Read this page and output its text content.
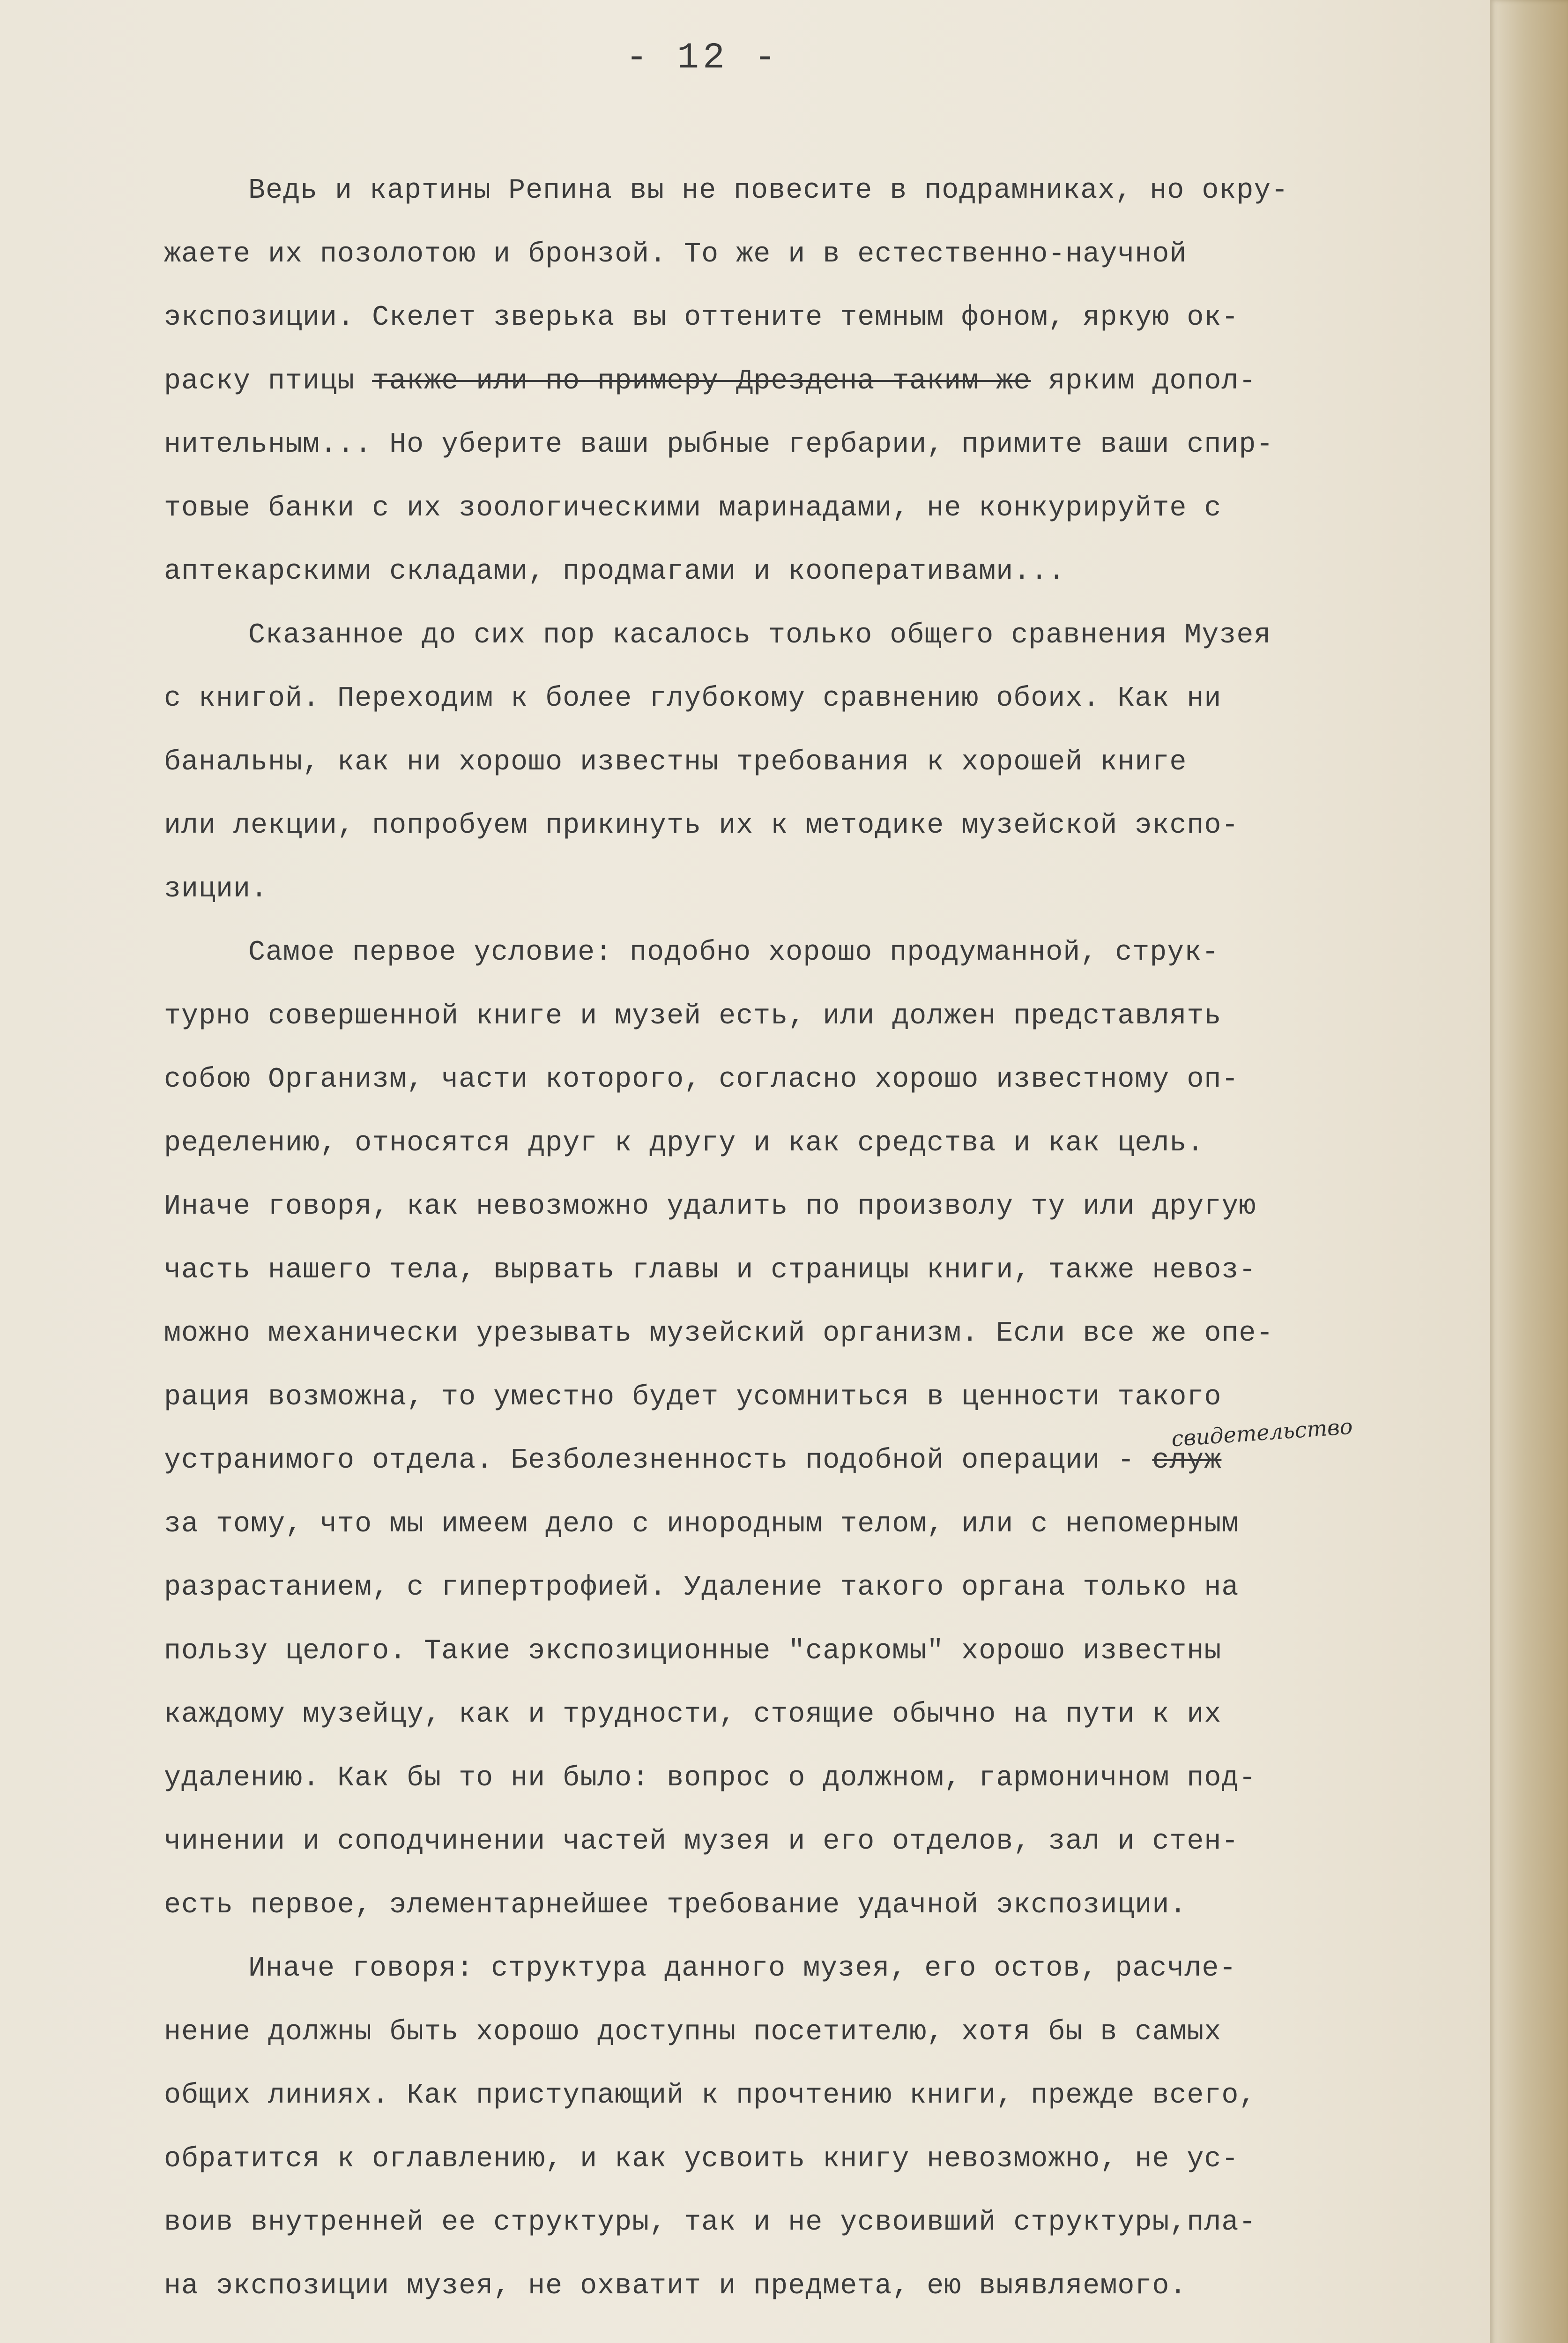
- 12 -
свидетельство
Ведь и картины Репина вы не повесите в подрамниках, но окру-
жаете их позолотою и бронзой. То же и в естественно-научной
экспозиции. Скелет зверька вы оттените темным фоном, яркую ок-
раску птицы также или по примеру Дрездена таким же ярким допол-
нительным... Но уберите ваши рыбные гербарии, примите ваши спир-
товые банки с их зоологическими маринадами, не конкурируйте с
аптекарскими складами, продмагами и кооперативами...
Сказанное до сих пор касалось только общего сравнения Музея
с книгой. Переходим к более глубокому сравнению обоих. Как ни
банальны, как ни хорошо известны требования к хорошей книге
или лекции, попробуем прикинуть их к методике музейской экспо-
зиции.
Самое первое условие: подобно хорошо продуманной, струк-
турно совершенной книге и музей есть, или должен представлять
собою Организм, части которого, согласно хорошо известному оп-
ределению, относятся друг к другу и как средства и как цель.
Иначе говоря, как невозможно удалить по произволу ту или другую
часть нашего тела, вырвать главы и страницы книги, также невоз-
можно механически урезывать музейский организм. Если все же опе-
рация возможна, то уместно будет усомниться в ценности такого
устранимого отдела. Безболезненность подобной операции - служ
за тому, что мы имеем дело с инородным телом, или с непомерным
разрастанием, с гипертрофией. Удаление такого органа только на
пользу целого. Такие экспозиционные "саркомы" хорошо известны
каждому музейцу, как и трудности, стоящие обычно на пути к их
удалению. Как бы то ни было: вопрос о должном, гармоничном под-
чинении и соподчинении частей музея и его отделов, зал и стен-
есть первое, элементарнейшее требование удачной экспозиции.
Иначе говоря: структура данного музея, его остов, расчле-
нение должны быть хорошо доступны посетителю, хотя бы в самых
общих линиях. Как приступающий к прочтению книги, прежде всего,
обратится к оглавлению, и как усвоить книгу невозможно, не ус-
воив внутренней ее структуры, так и не усвоивший структуры,пла-
на экспозиции музея, не охватит и предмета, ею выявляемого.
